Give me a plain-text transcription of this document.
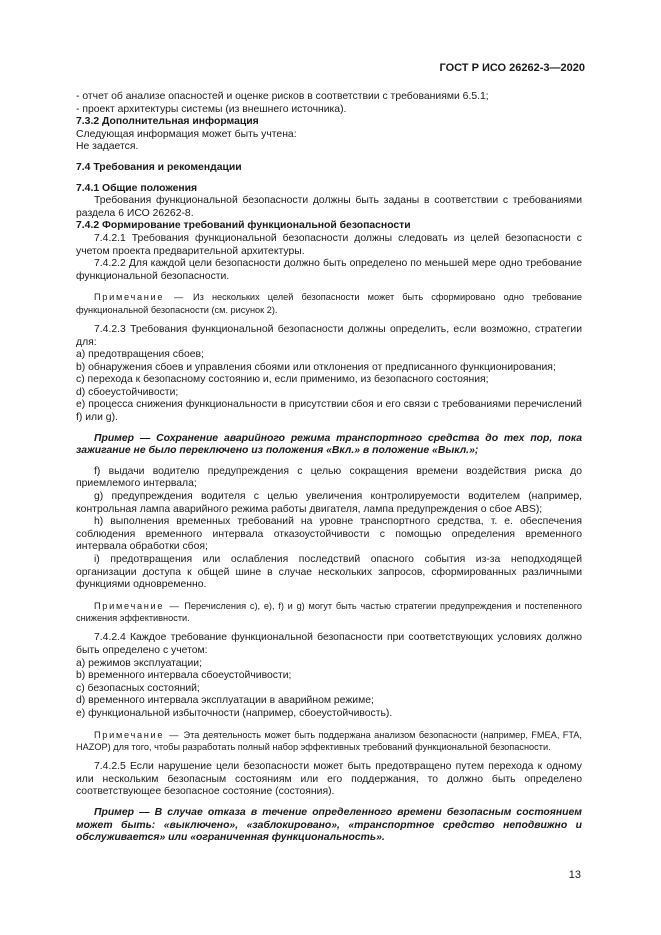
ГОСТ Р ИСО 26262-3—2020

- отчет об анализе опасностей и оценке рисков в соответствии с требованиями 6.5.1;

- проект архитектуры системы (из внешнего источника).

7.3.2 Дополнительная информация

Следующая информация может быть учтена:

Не задается.

7.4 Требования и рекомендации

7.4.1 Общие положения

Требования функциональной безопасности должны быть заданы в соответствии с требованиями раздела 6 ИСО 26262-8.

7.4.2 Формирование требований функциональной безопасности

7.4.2.1 Требования функциональной безопасности должны следовать из целей безопасности с учетом проекта предварительной архитектуры.

7.4.2.2 Для каждой цели безопасности должно быть определено по меньшей мере одно требование функциональной безопасности.

Примечание — Из нескольких целей безопасности может быть сформировано одно требование функциональной безопасности (см. рисунок 2).

7.4.2.3 Требования функциональной безопасности должны определить, если возможно, стратегии для:

а) предотвращения сбоев;

b) обнаружения сбоев и управления сбоями или отклонения от предписанного функционирования;

c) перехода к безопасному состоянию и, если применимо, из безопасного состояния;

d) сбоеустойчивости;

e) процесса снижения функциональности в присутствии сбоя и его связи с требованиями перечислений f) или g).

Пример — Сохранение аварийного режима транспортного средства до тех пор, пока зажигание не было переключено из положения «Вкл.» в положение «Выкл.»;

f) выдачи водителю предупреждения с целью сокращения времени воздействия риска до приемлемого интервала;

g) предупреждения водителя с целью увеличения контролируемости водителем (например, контрольная лампа аварийного режима работы двигателя, лампа предупреждения о сбое ABS);

h) выполнения временных требований на уровне транспортного средства, т. е. обеспечения соблюдения временного интервала отказоустойчивости с помощью определения временного интервала обработки сбоя;

i) предотвращения или ослабления последствий опасного события из-за неподходящей организации доступа к общей шине в случае нескольких запросов, сформированных различными функциями одновременно.

Примечание — Перечисления c), e), f) и g) могут быть частью стратегии предупреждения и постепенного снижения эффективности.

7.4.2.4 Каждое требование функциональной безопасности при соответствующих условиях должно быть определено с учетом:

а) режимов эксплуатации;

b) временного интервала сбоеустойчивости;

c) безопасных состояний;

d) временного интервала эксплуатации в аварийном режиме;

e) функциональной избыточности (например, сбоеустойчивость).

Примечание — Эта деятельность может быть поддержана анализом безопасности (например, FMEA, FTA, HAZOP) для того, чтобы разработать полный набор эффективных требований функциональной безопасности.

7.4.2.5 Если нарушение цели безопасности может быть предотвращено путем перехода к одному или нескольким безопасным состояниям или его поддержания, то должно быть определено соответствующее безопасное состояние (состояния).

Пример — В случае отказа в течение определенного времени безопасным состоянием может быть: «выключено», «заблокировано», «транспортное средство неподвижно и обслуживается» или «ограниченная функциональность».

13
